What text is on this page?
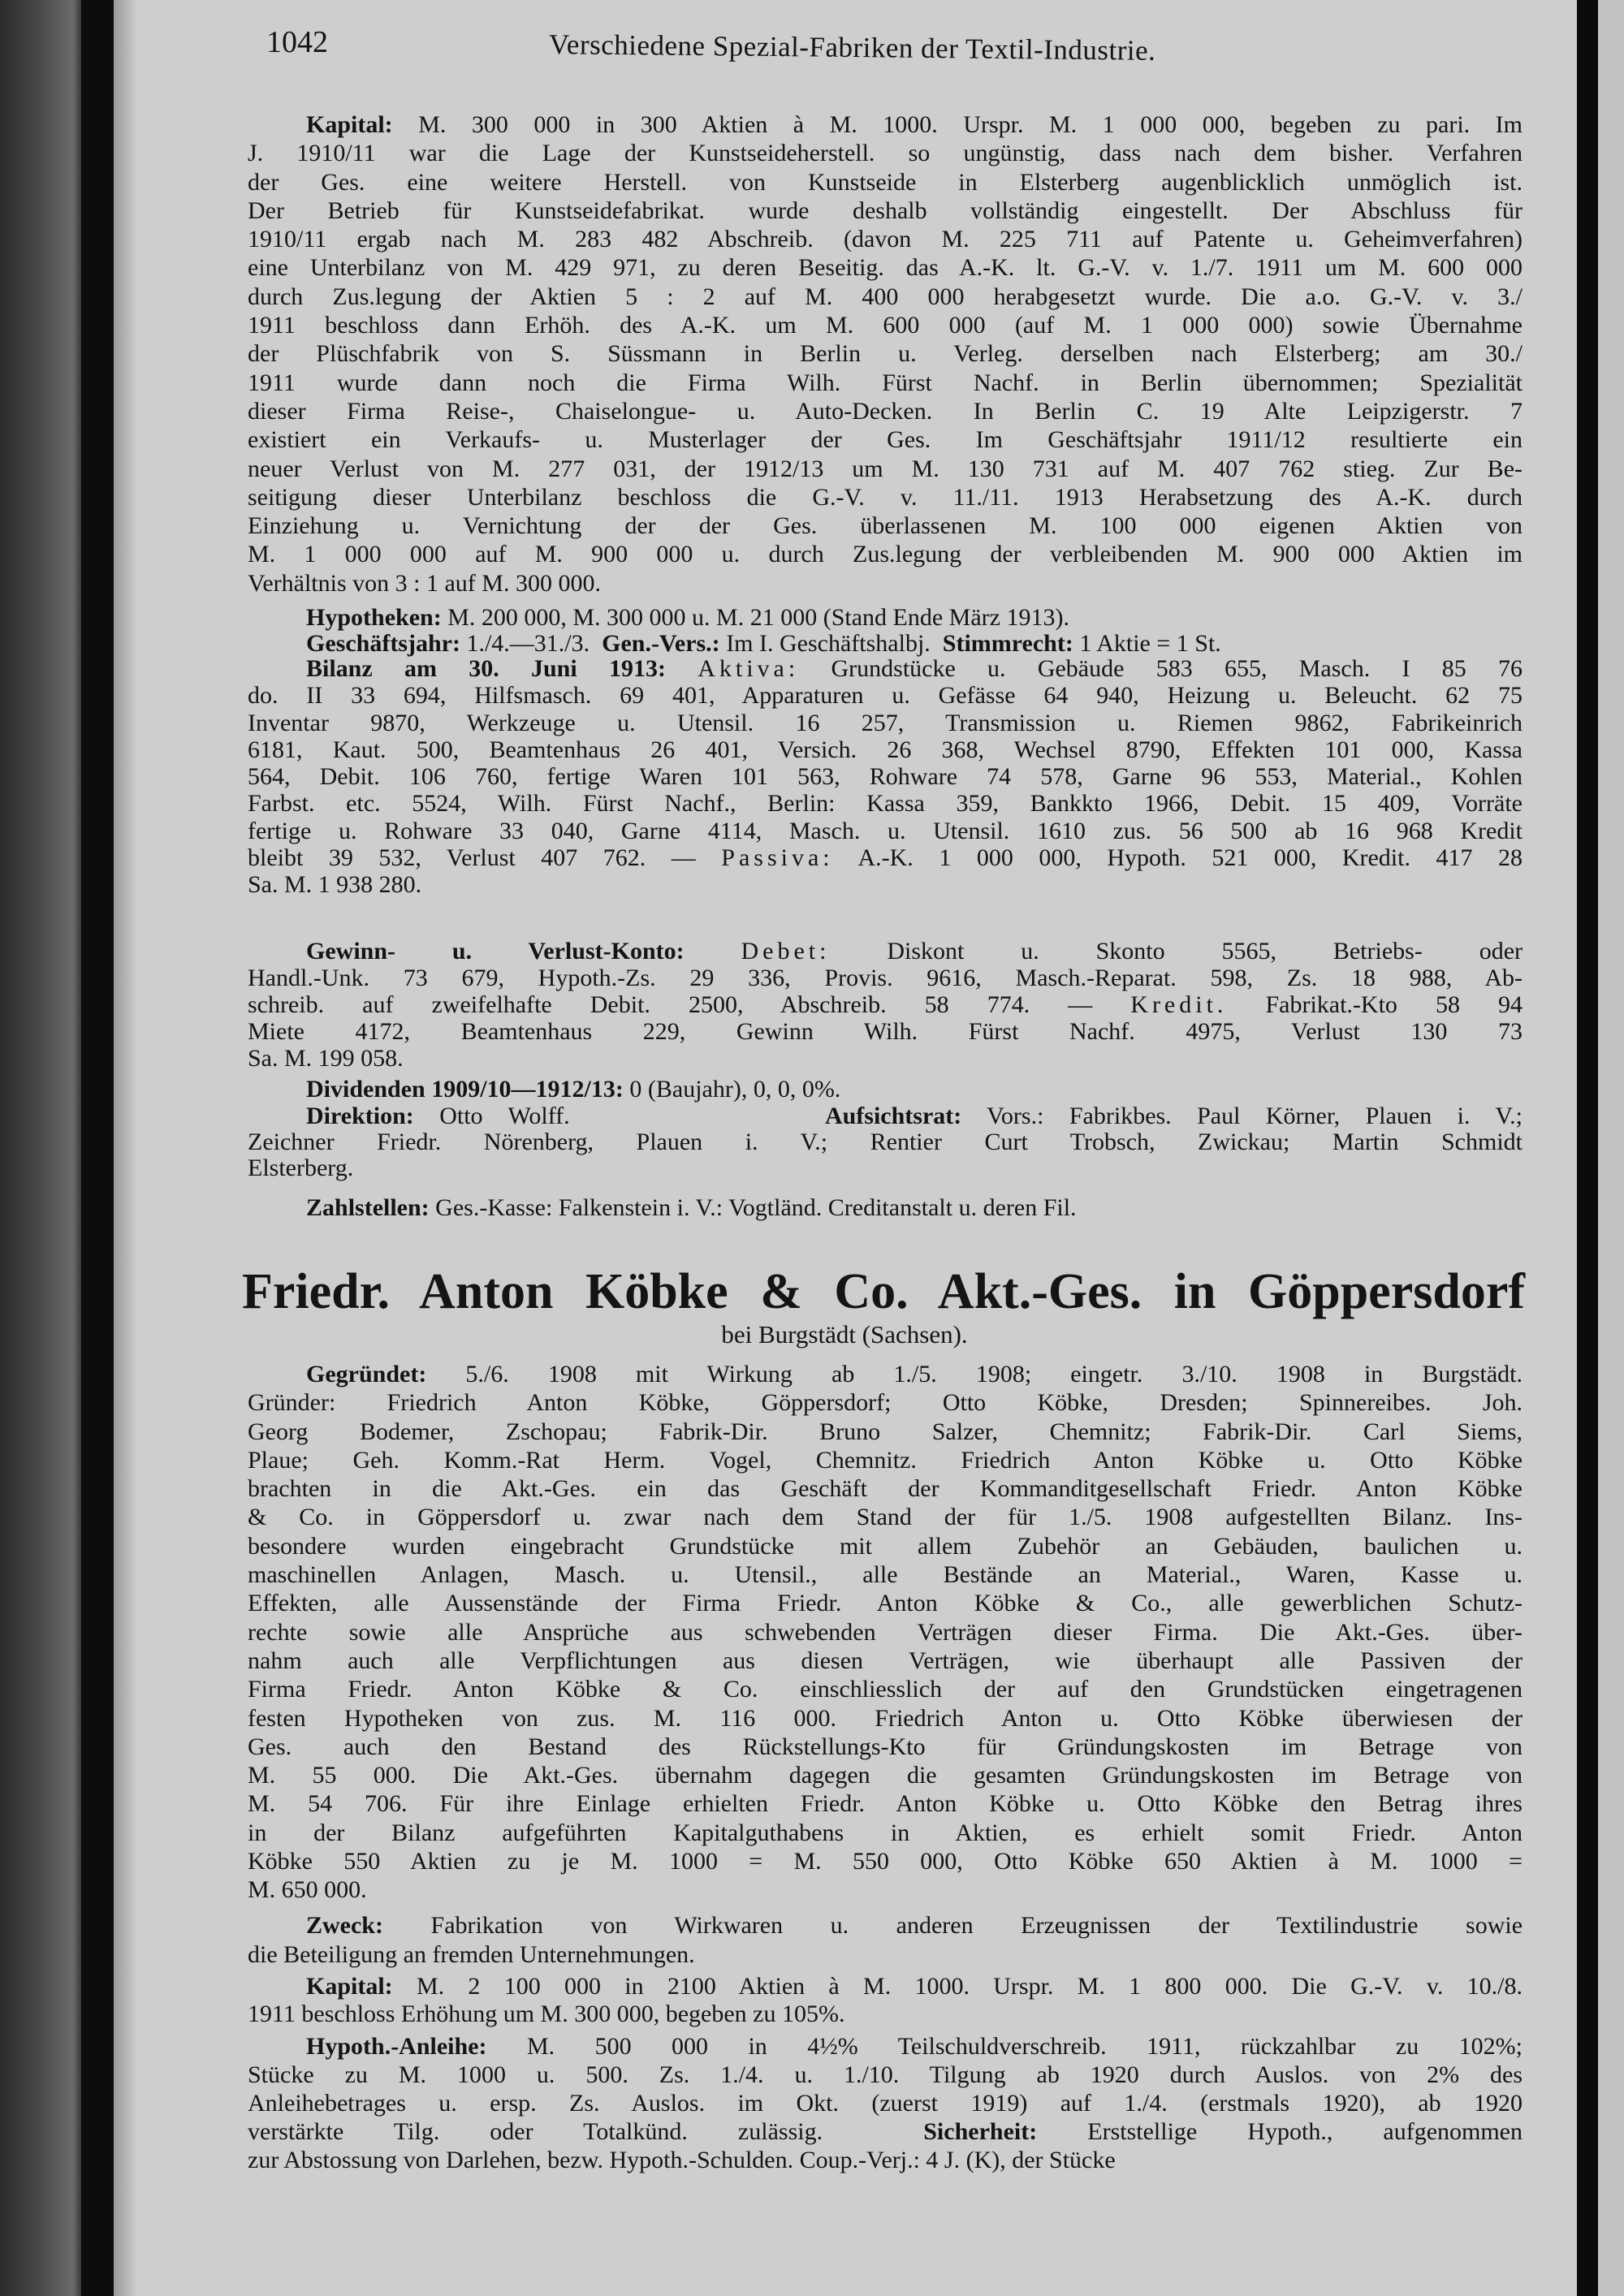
1042	Verschiedene Spezial-Fabriken der Textil-Industrie.
Kapital: M. 300 000 in 300 Aktien à M. 1000. Urspr. M. 1 000 000, begeben zu pari. Im
J. 1910/11 war die Lage der Kunstseideherstell. so ungünstig, dass nach dem bisher. Verfahren
der Ges. eine weitere Herstell. von Kunstseide in Elsterberg augenblicklich unmöglich ist.
Der Betrieb für Kunstseidefabrikat. wurde deshalb vollständig eingestellt. Der Abschluss für
1910/11 ergab nach M. 283 482 Abschreib. (davon M. 225 711 auf Patente u. Geheimverfahren)
eine Unterbilanz von M. 429 971, zu deren Beseitig. das A.-K. lt. G.-V. v. 1./7. 1911 um M. 600 000
durch Zus.legung der Aktien 5 : 2 auf M. 400 000 herabgesetzt wurde. Die a.o. G.-V. v. 3./
1911 beschloss dann Erhöh. des A.-K. um M. 600 000 (auf M. 1 000 000) sowie Übernahme
der Plüschfabrik von S. Süssmann in Berlin u. Verleg. derselben nach Elsterberg; am 30./
1911 wurde dann noch die Firma Wilh. Fürst Nachf. in Berlin übernommen; Spezialität
dieser Firma Reise-, Chaiselongue- u. Auto-Decken. In Berlin C. 19 Alte Leipzigerstr. 7
existiert ein Verkaufs- u. Musterlager der Ges. Im Geschäftsjahr 1911/12 resultierte ein
neuer Verlust von M. 277 031, der 1912/13 um M. 130 731 auf M. 407 762 stieg. Zur Be-
seitigung dieser Unterbilanz beschloss die G.-V. v. 11./11. 1913 Herabsetzung des A.-K. durch
Einziehung u. Vernichtung der der Ges. überlassenen M. 100 000 eigenen Aktien von
M. 1 000 000 auf M. 900 000 u. durch Zus.legung der verbleibenden M. 900 000 Aktien im
Verhältnis von 3 : 1 auf M. 300 000.
Hypotheken: M. 200 000, M. 300 000 u. M. 21 000 (Stand Ende März 1913).
Geschäftsjahr: 1./4.—31./3.  Gen.-Vers.: Im I. Geschäftshalbj.  Stimmrecht: 1 Aktie = 1 St.
Bilanz am 30. Juni 1913: Aktiva: Grundstücke u. Gebäude 583 655, Masch. I 85 76
do. II 33 694, Hilfsmasch. 69 401, Apparaturen u. Gefässe 64 940, Heizung u. Beleucht. 62 75
Inventar 9870, Werkzeuge u. Utensil. 16 257, Transmission u. Riemen 9862, Fabrikeinrich
6181, Kaut. 500, Beamtenhaus 26 401, Versich. 26 368, Wechsel 8790, Effekten 101 000, Kassa
564, Debit. 106 760, fertige Waren 101 563, Rohware 74 578, Garne 96 553, Material., Kohlen
Farbst. etc. 5524, Wilh. Fürst Nachf., Berlin: Kassa 359, Bankkto 1966, Debit. 15 409, Vorräte
fertige u. Rohware 33 040, Garne 4114, Masch. u. Utensil. 1610 zus. 56 500 ab 16 968 Kredit
bleibt 39 532, Verlust 407 762. — Passiva: A.-K. 1 000 000, Hypoth. 521 000, Kredit. 417 28
Sa. M. 1 938 280.
Gewinn- u. Verlust-Konto: Debet: Diskont u. Skonto 5565, Betriebs- oder
Handl.-Unk. 73 679, Hypoth.-Zs. 29 336, Provis. 9616, Masch.-Reparat. 598, Zs. 18 988, Ab-
schreib. auf zweifelhafte Debit. 2500, Abschreib. 58 774. — Kredit. Fabrikat.-Kto 58 94
Miete 4172, Beamtenhaus 229, Gewinn Wilh. Fürst Nachf. 4975, Verlust 130 73
Sa. M. 199 058.
Dividenden 1909/10—1912/13: 0 (Baujahr), 0, 0, 0%.
Direktion: Otto Wolff.          Aufsichtsrat: Vors.: Fabrikbes. Paul Körner, Plauen i. V.;
Zeichner Friedr. Nörenberg, Plauen i. V.; Rentier Curt Trobsch, Zwickau; Martin Schmidt
Elsterberg.
Zahlstellen: Ges.-Kasse: Falkenstein i. V.: Vogtländ. Creditanstalt u. deren Fil.
Friedr. Anton Köbke & Co. Akt.-Ges. in Göppersdorf
bei Burgstädt (Sachsen).
Gegründet: 5./6. 1908 mit Wirkung ab 1./5. 1908; eingetr. 3./10. 1908 in Burgstädt.
Gründer: Friedrich Anton Köbke, Göppersdorf; Otto Köbke, Dresden; Spinnereibes. Joh.
Georg Bodemer, Zschopau; Fabrik-Dir. Bruno Salzer, Chemnitz; Fabrik-Dir. Carl Siems,
Plaue; Geh. Komm.-Rat Herm. Vogel, Chemnitz. Friedrich Anton Köbke u. Otto Köbke
brachten in die Akt.-Ges. ein das Geschäft der Kommanditgesellschaft Friedr. Anton Köbke
& Co. in Göppersdorf u. zwar nach dem Stand der für 1./5. 1908 aufgestellten Bilanz. Ins-
besondere wurden eingebracht Grundstücke mit allem Zubehör an Gebäuden, baulichen u.
maschinellen Anlagen, Masch. u. Utensil., alle Bestände an Material., Waren, Kasse u.
Effekten, alle Aussenstände der Firma Friedr. Anton Köbke & Co., alle gewerblichen Schutz-
rechte sowie alle Ansprüche aus schwebenden Verträgen dieser Firma. Die Akt.-Ges. über-
nahm auch alle Verpflichtungen aus diesen Verträgen, wie überhaupt alle Passiven der
Firma Friedr. Anton Köbke & Co. einschliesslich der auf den Grundstücken eingetragenen
festen Hypotheken von zus. M. 116 000. Friedrich Anton u. Otto Köbke überwiesen der
Ges. auch den Bestand des Rückstellungs-Kto für Gründungskosten im Betrage von
M. 55 000. Die Akt.-Ges. übernahm dagegen die gesamten Gründungskosten im Betrage von
M. 54 706. Für ihre Einlage erhielten Friedr. Anton Köbke u. Otto Köbke den Betrag ihres
in der Bilanz aufgeführten Kapitalguthabens in Aktien, es erhielt somit Friedr. Anton
Köbke 550 Aktien zu je M. 1000 = M. 550 000, Otto Köbke 650 Aktien à M. 1000 =
M. 650 000.
Zweck: Fabrikation von Wirkwaren u. anderen Erzeugnissen der Textilindustrie sowie
die Beteiligung an fremden Unternehmungen.
Kapital: M. 2 100 000 in 2100 Aktien à M. 1000. Urspr. M. 1 800 000. Die G.-V. v. 10./8.
1911 beschloss Erhöhung um M. 300 000, begeben zu 105%.
Hypoth.-Anleihe: M. 500 000 in 4½% Teilschuldverschreib. 1911, rückzahlbar zu 102%;
Stücke zu M. 1000 u. 500. Zs. 1./4. u. 1./10. Tilgung ab 1920 durch Auslos. von 2% des
Anleihebetrages u. ersp. Zs. Auslos. im Okt. (zuerst 1919) auf 1./4. (erstmals 1920), ab 1920
verstärkte Tilg. oder Totalkünd. zulässig.  Sicherheit: Erststellige Hypoth., aufgenommen
zur Abstossung von Darlehen, bezw. Hypoth.-Schulden. Coup.-Verj.: 4 J. (K), der Stücke
